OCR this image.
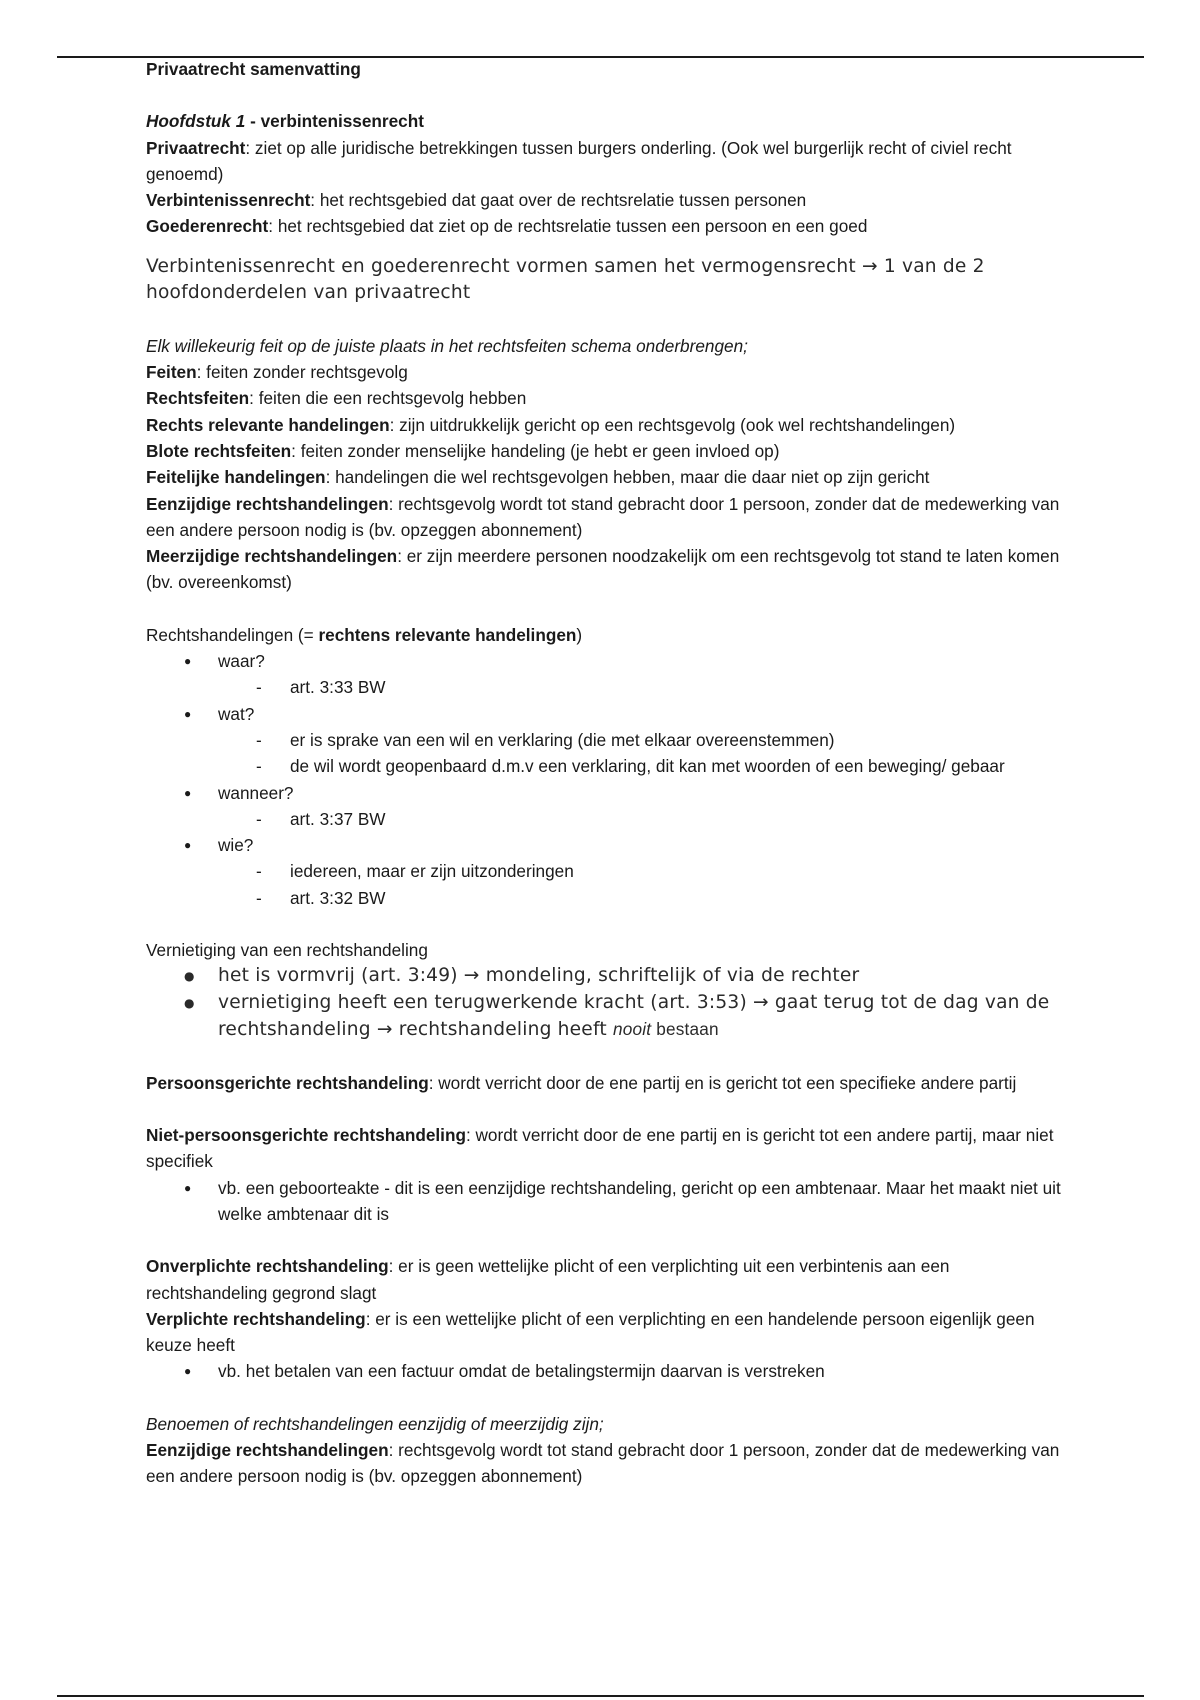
Privaatrecht samenvatting

Hoofdstuk 1 - verbintenissenrecht

Privaatrecht: ziet op alle juridische betrekkingen tussen burgers onderling. (Ook wel burgerlijk recht of civiel recht genoemd)

Verbintenissenrecht: het rechtsgebied dat gaat over de rechtsrelatie tussen personen

Goederenrecht: het rechtsgebied dat ziet op de rechtsrelatie tussen een persoon en een goed

Verbintenissenrecht en goederenrecht vormen samen het vermogensrecht → 1 van de 2 hoofdonderdelen van privaatrecht

Elk willekeurig feit op de juiste plaats in het rechtsfeiten schema onderbrengen;

Feiten: feiten zonder rechtsgevolg

Rechtsfeiten: feiten die een rechtsgevolg hebben

Rechts relevante handelingen: zijn uitdrukkelijk gericht op een rechtsgevolg (ook wel rechtshandelingen)

Blote rechtsfeiten: feiten zonder menselijke handeling (je hebt er geen invloed op)

Feitelijke handelingen: handelingen die wel rechtsgevolgen hebben, maar die daar niet op zijn gericht

Eenzijdige rechtshandelingen: rechtsgevolg wordt tot stand gebracht door 1 persoon, zonder dat de medewerking van een andere persoon nodig is (bv. opzeggen abonnement)

Meerzijdige rechtshandelingen: er zijn meerdere personen noodzakelijk om een rechtsgevolg tot stand te laten komen (bv. overeenkomst)

Rechtshandelingen (= rechtens relevante handelingen)

● waar?
- art. 3:33 BW
● wat?
- er is sprake van een wil en verklaring (die met elkaar overeenstemmen)
- de wil wordt geopenbaard d.m.v een verklaring, dit kan met woorden of een beweging/ gebaar
● wanneer?
- art. 3:37 BW
● wie?
- iedereen, maar er zijn uitzonderingen
- art. 3:32 BW

Vernietiging van een rechtshandeling

● het is vormvrij (art. 3:49) → mondeling, schriftelijk of via de rechter
● vernietiging heeft een terugwerkende kracht (art. 3:53) → gaat terug tot de dag van de rechtshandeling → rechtshandeling heeft nooit bestaan

Persoonsgerichte rechtshandeling: wordt verricht door de ene partij en is gericht tot een specifieke andere partij

Niet-persoonsgerichte rechtshandeling: wordt verricht door de ene partij en is gericht tot een andere partij, maar niet specifiek

● vb. een geboorteakte - dit is een eenzijdige rechtshandeling, gericht op een ambtenaar. Maar het maakt niet uit welke ambtenaar dit is

Onverplichte rechtshandeling: er is geen wettelijke plicht of een verplichting uit een verbintenis aan een rechtshandeling gegrond slagt

Verplichte rechtshandeling: er is een wettelijke plicht of een verplichting en een handelende persoon eigenlijk geen keuze heeft

● vb. het betalen van een factuur omdat de betalingstermijn daarvan is verstreken

Benoemen of rechtshandelingen eenzijdig of meerzijdig zijn;

Eenzijdige rechtshandelingen: rechtsgevolg wordt tot stand gebracht door 1 persoon, zonder dat de medewerking van een andere persoon nodig is (bv. opzeggen abonnement)
